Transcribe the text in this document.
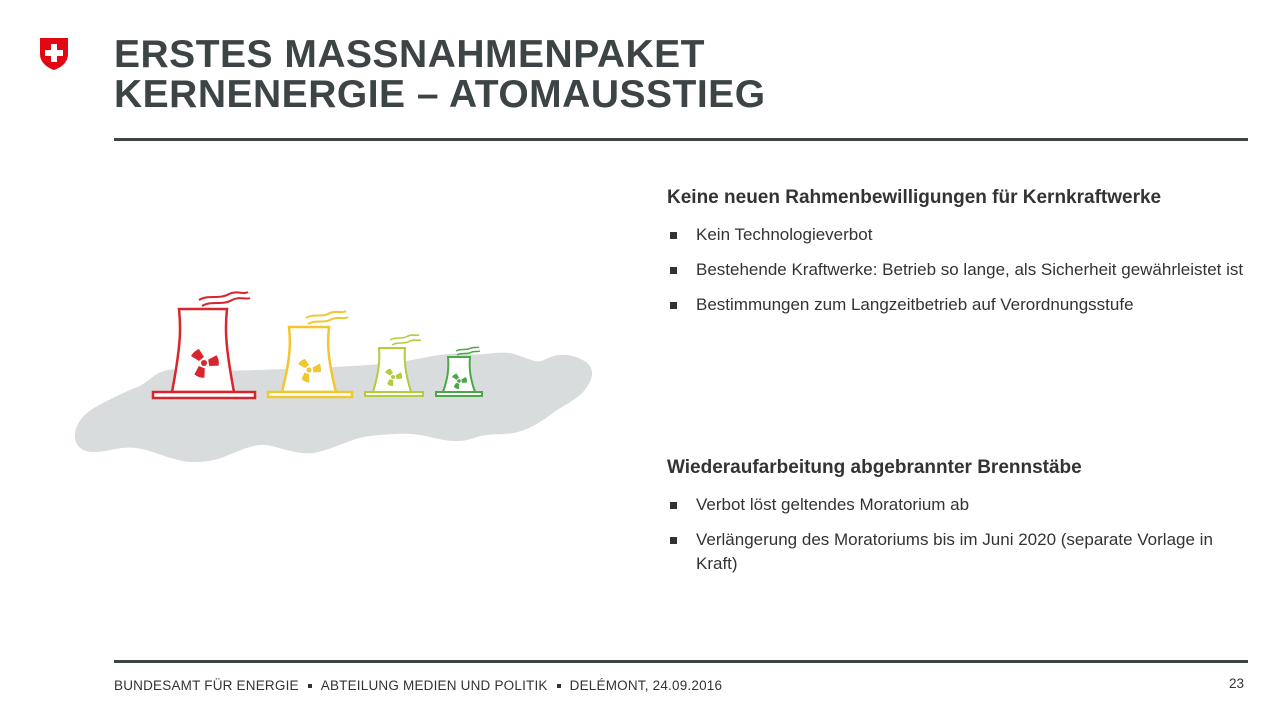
ERSTES MASSNAHMENPAKET
KERNENERGIE – ATOMAUSSTIEG
Keine neuen Rahmenbewilligungen für Kernkraftwerke
Kein Technologieverbot
Bestehende Kraftwerke: Betrieb so lange, als Sicherheit gewährleistet ist
Bestimmungen zum Langzeitbetrieb auf Verordnungsstufe
Wiederaufarbeitung abgebrannter Brennstäbe
Verbot löst geltendes Moratorium ab
Verlängerung des Moratoriums bis im Juni 2020 (separate Vorlage in Kraft)
BUNDESAMT FÜR ENERGIE ABTEILUNG MEDIEN UND POLITIK DELÉMONT, 24.09.2016	23
